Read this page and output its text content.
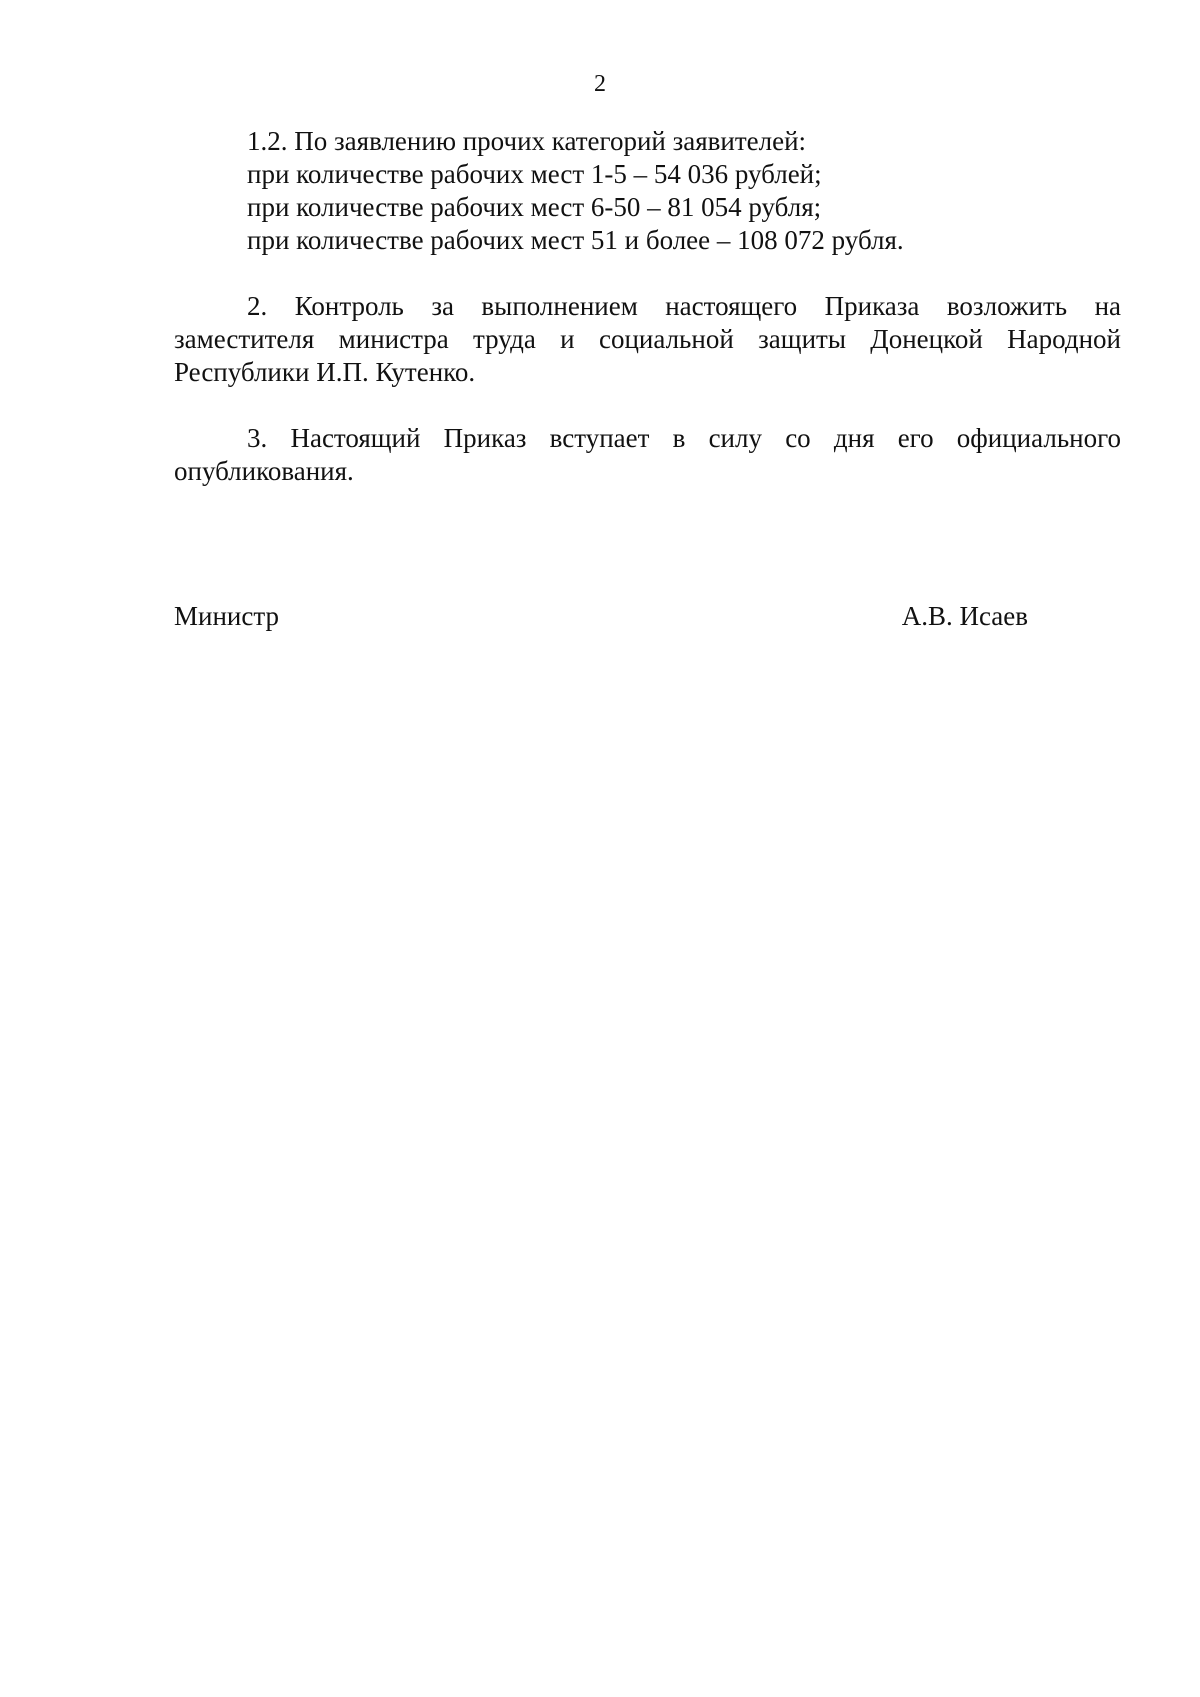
2
1.2. По заявлению прочих категорий заявителей:
при количестве рабочих мест 1-5 – 54 036 рублей;
при количестве рабочих мест 6-50 – 81 054 рубля;
при количестве рабочих мест 51 и более – 108 072 рубля.

2. Контроль за выполнением настоящего Приказа возложить на заместителя министра труда и социальной защиты Донецкой Народной Республики И.П. Кутенко.

3. Настоящий Приказ вступает в силу со дня его официального опубликования.

Министр	А.В. Исаев
